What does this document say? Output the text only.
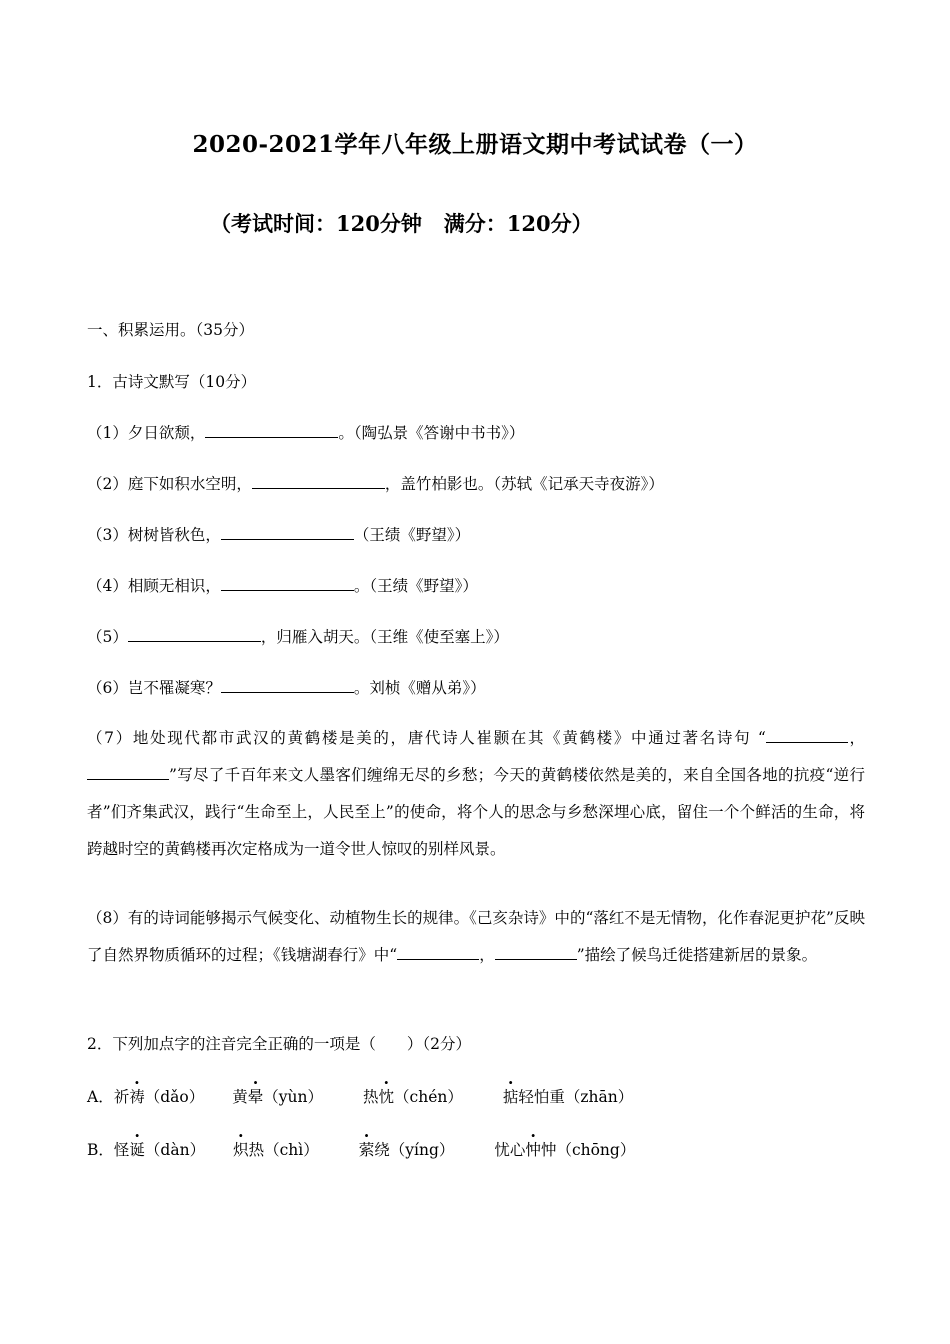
2020-2021学年八年级上册语文期中考试试卷（一）
（考试时间：120分钟   满分：120分）
一、积累运用。（35分）
1．古诗文默写（10分）
（1）夕日欲颓，	。（陶弘景《答谢中书书》）
（2）庭下如积水空明，	，盖竹柏影也。（苏轼《记承天寺夜游》）
（3）树树皆秋色，	（王绩《野望》）
（4）相顾无相识，	。（王绩《野望》）
（5）	，归雁入胡天。（王维《使至塞上》）
（6）岂不罹凝寒？	。刘桢《赠从弟》）
（7）地处现代都市武汉的黄鹤楼是美的，唐代诗人崔颢在其《黄鹤楼》中通过著名诗句 “	，”写尽了千百年来文人墨客们缠绵无尽的乡愁；今天的黄鹤楼依然是美的，来自全国各地的抗疫“逆行者”们齐集武汉，践行“生命至上，人民至上”的使命，将个人的思念与乡愁深埋心底，留住一个个鲜活的生命，将跨越时空的黄鹤楼再次定格成为一道令世人惊叹的别样风景。
（8）有的诗词能够揭示气候变化、动植物生长的规律。《己亥杂诗》中的“落红不是无情物，化作春泥更护花”反映了自然界物质循环的过程；《钱塘湖春行》中“	，	”描绘了候鸟迁徙搭建新居的景象。
2．下列加点字的注音完全正确的一项是（　　）（2分）
A．祈祷（dǎo） 黄晕（yùn）	热忱（chén）	掂轻怕重（zhān）
B．怪诞（dàn） 炽热（chì）	萦绕（yíng）	忧心忡忡（chōng）
